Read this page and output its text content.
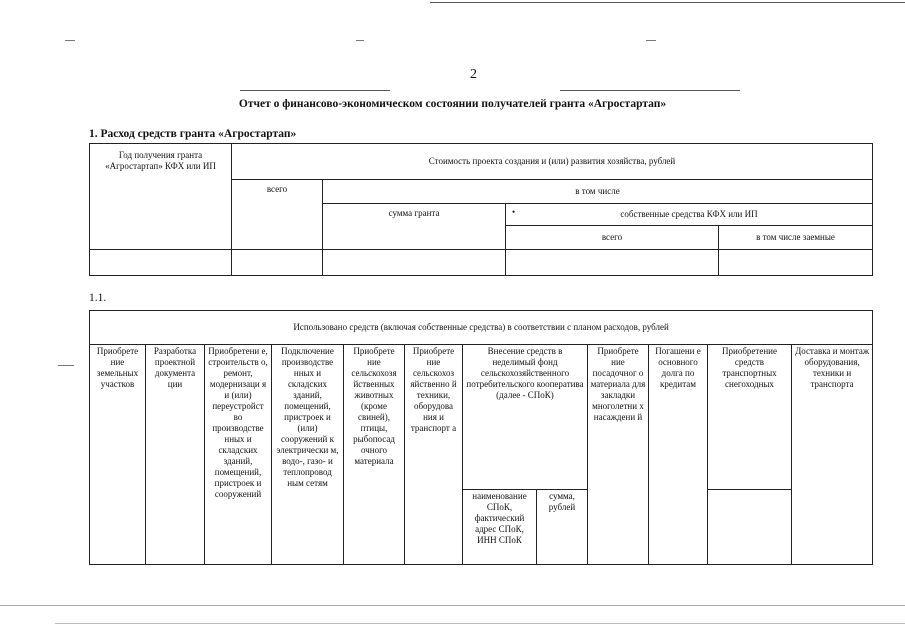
2
Отчет о финансово-экономическом состоянии получателей гранта «Агростартап»
1. Расход средств гранта «Агростартап»
Год получения гранта «Агростартап» КФХ или ИП	Стоимость проекта создания и (или) развития хозяйства, рублей			
	всего	в том числе		
		сумма гранта	собственные средства КФХ или ИП	
			всего	в том числе заемные

•
1.1.
Использовано средств (включая собственные средства) в соответствии с планом расходов, рублей											
Приобрете ние земельных участков	Разработка проектной документа ции	Приобретени е, строительств о, ремонт, модернизаци я и (или) переустройст во производстве нных и складских зданий, помещений, пристроек и сооружений	Подключение производстве нных и складских зданий, помещений, пристроек и (или) сооружений к электрически м, водо-, газо- и теплопровод ным сетям	Приобрете ние сельскохозя йственных животных (кроме свиней), птицы, рыбопосад очного материала	Приобрете ние сельскохоз яйственно й техники, оборудова ния и транспорт а	Внесение средств в неделимый фонд сельскохозяйственного потребительского кооператива (далее - СПоК)		Приобрете ние посадочног о материала для закладки многолетни х насаждени й	Погашени е основного долга по кредитам	Приобретение средств транспортных снегоходных	Доставка и монтаж оборудования, техники и транспорта
						наименование СПоК, фактический адрес СПоК, ИНН СПоК	сумма, рублей				
